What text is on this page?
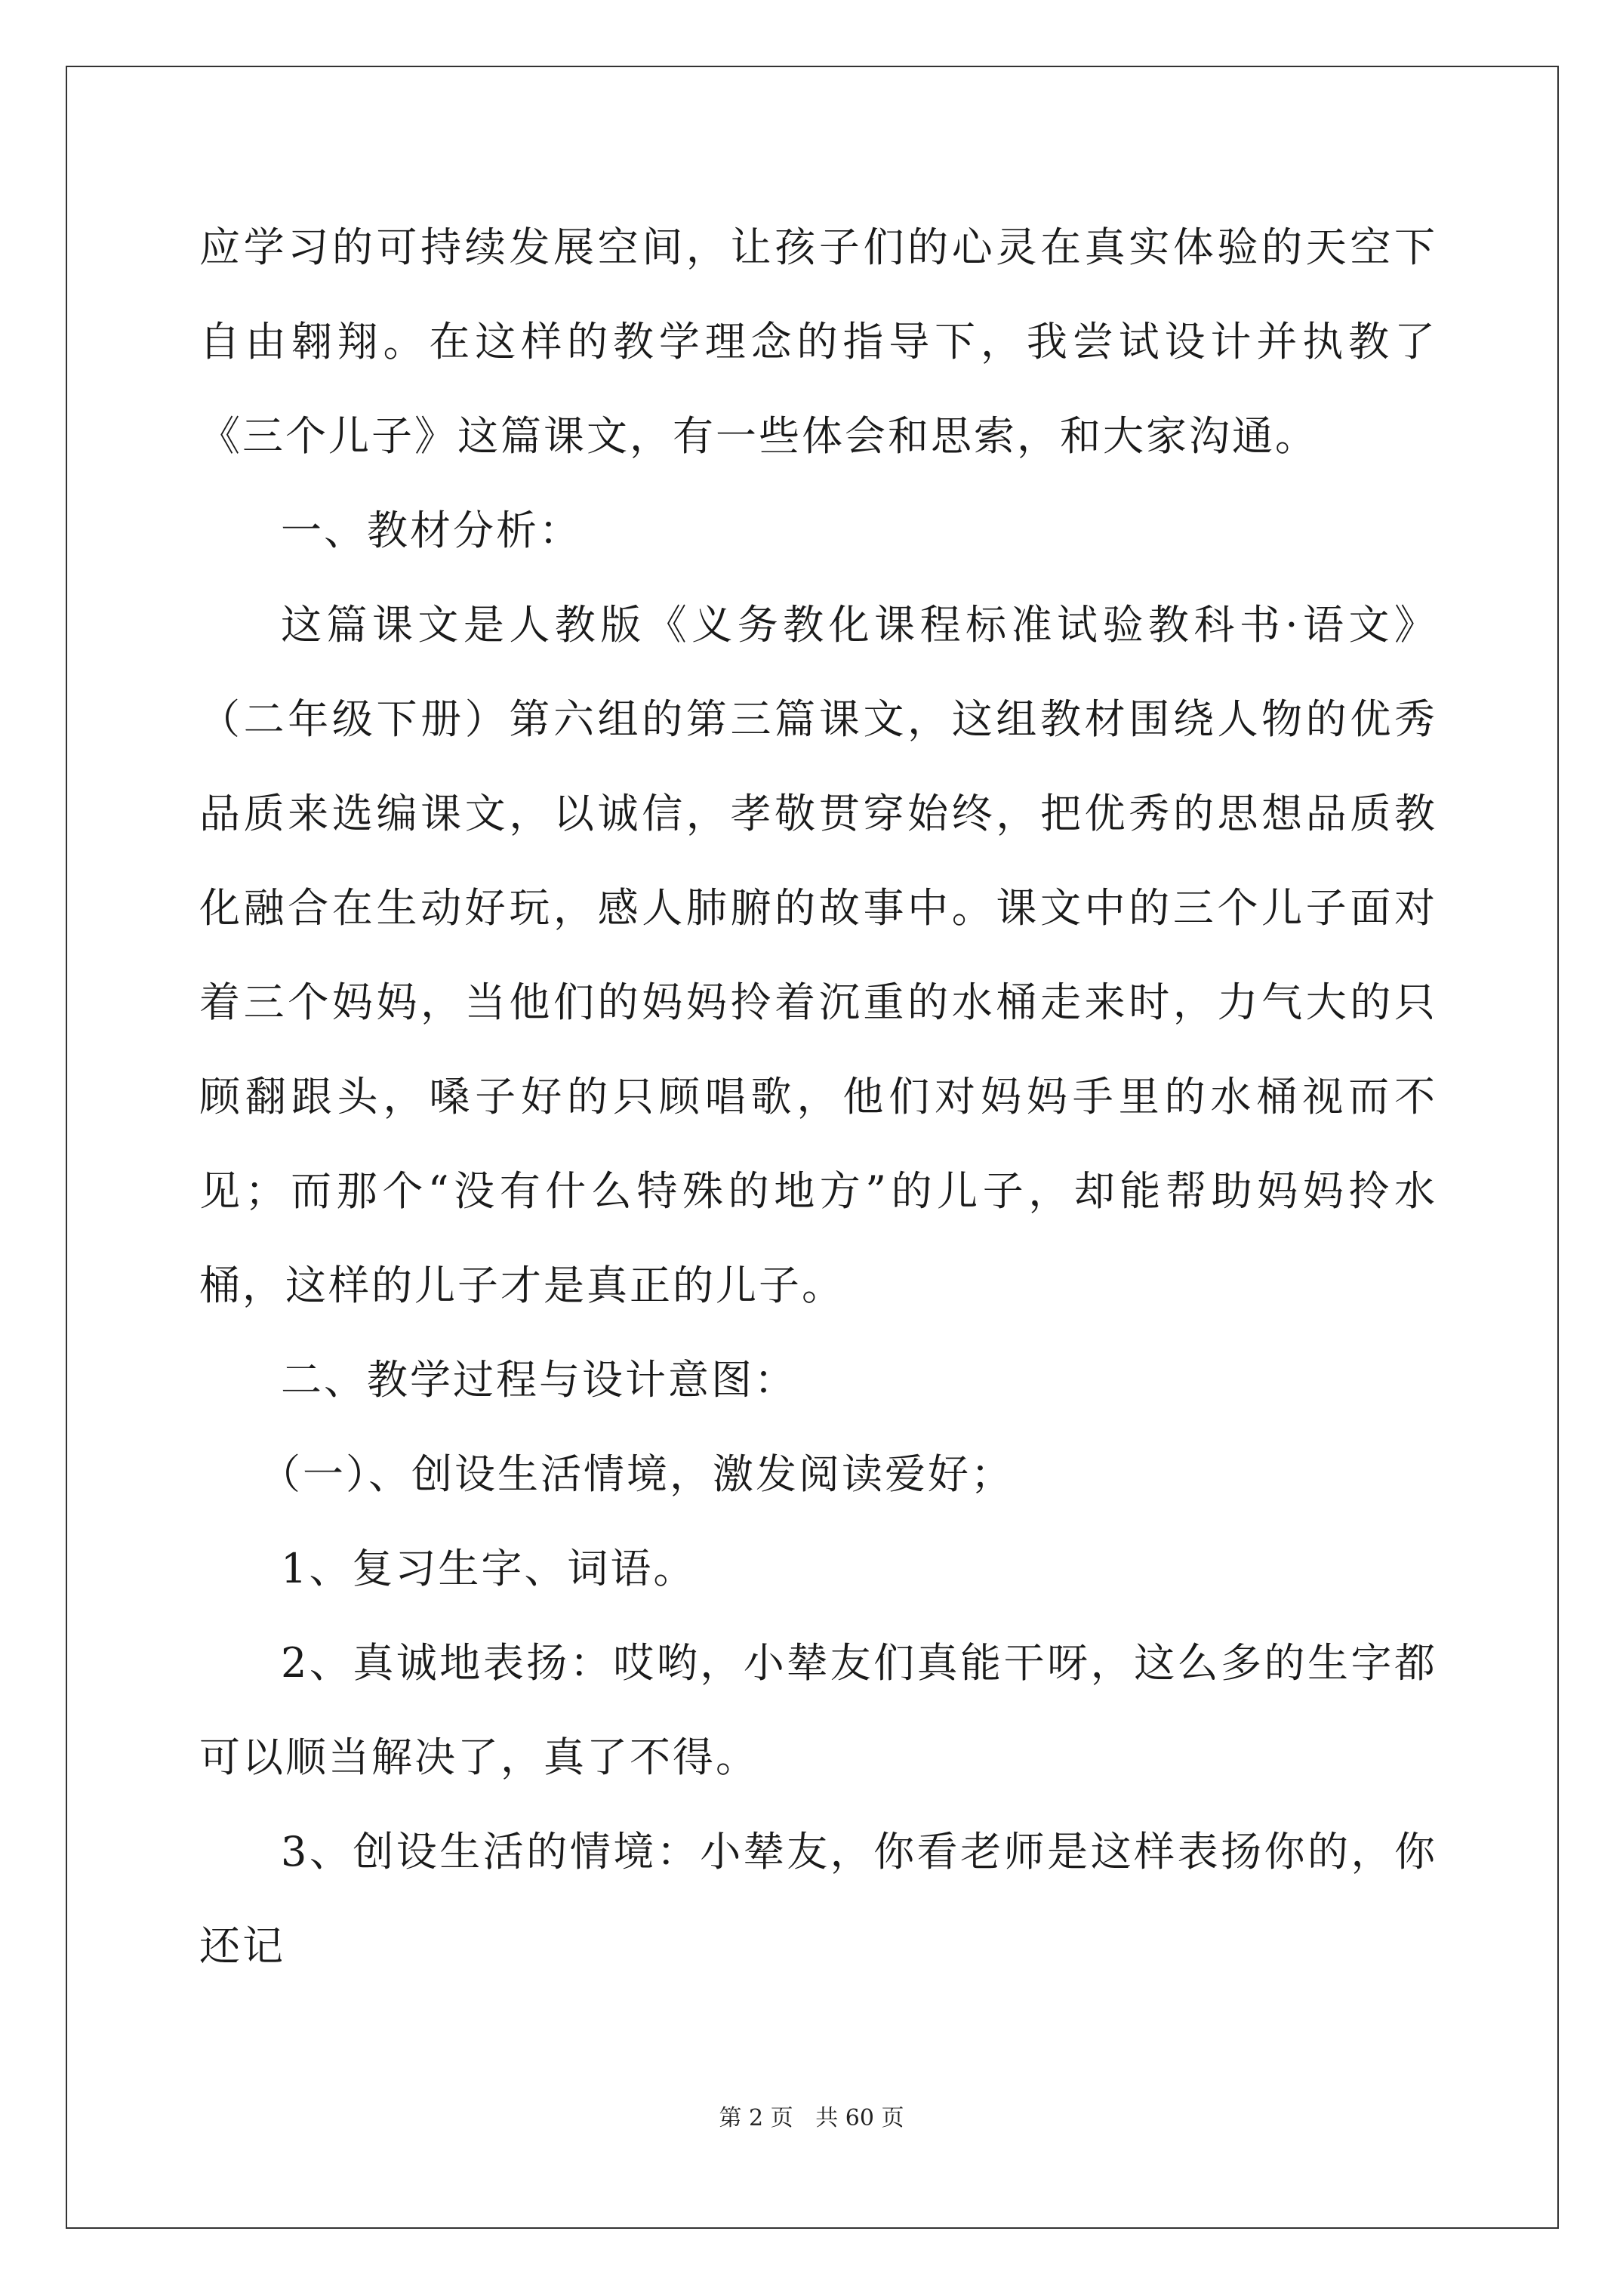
应学习的可持续发展空间，让孩子们的心灵在真实体验的天空下自由翱翔。在这样的教学理念的指导下，我尝试设计并执教了《三个儿子》这篇课文，有一些体会和思索，和大家沟通。

一、教材分析：

这篇课文是人教版《义务教化课程标准试验教科书·语文》（二年级下册）第六组的第三篇课文，这组教材围绕人物的优秀品质来选编课文，以诚信，孝敬贯穿始终，把优秀的思想品质教化融合在生动好玩，感人肺腑的故事中。课文中的三个儿子面对着三个妈妈，当他们的妈妈拎着沉重的水桶走来时，力气大的只顾翻跟头，嗓子好的只顾唱歌，他们对妈妈手里的水桶视而不见；而那个“没有什么特殊的地方”的儿子，却能帮助妈妈拎水桶，这样的儿子才是真正的儿子。

二、教学过程与设计意图：

（一）、创设生活情境，激发阅读爱好；

1、复习生字、词语。

2、真诚地表扬：哎哟，小辇友们真能干呀，这么多的生字都可以顺当解决了，真了不得。

3、创设生活的情境：小辇友，你看老师是这样表扬你的，你还记

第 2 页 共 60 页
